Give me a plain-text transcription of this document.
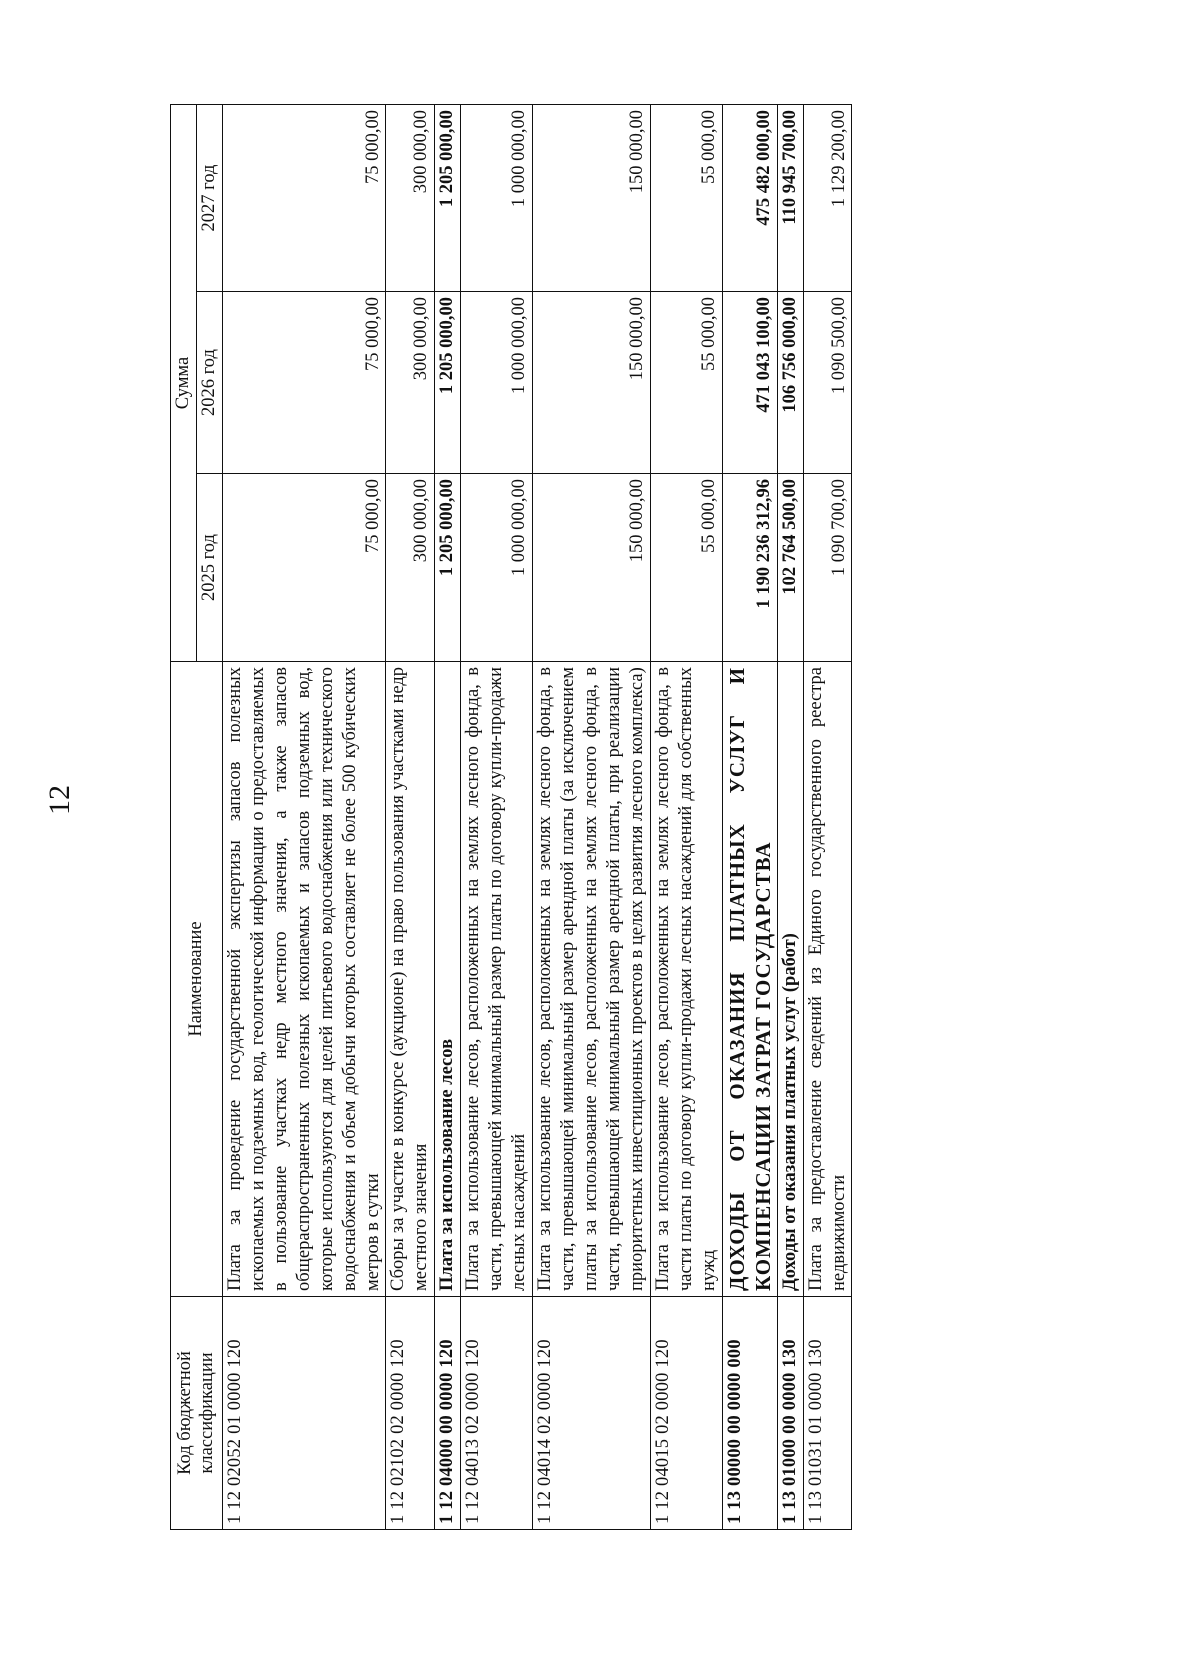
12
Код бюджетной классификации	Наименование	Сумма		
		2025 год	2026 год	2027 год
1 12 02052 01 0000 120	Плата за проведение государственной экспертизы запасов полезных ископаемых и подземных вод, геологической информации о предоставляемых в пользование участках недр местного значения, а также запасов общераспространенных полезных ископаемых и запасов подземных вод, которые используются для целей питьевого водоснабжения или технического водоснабжения и объем добычи которых составляет не более 500 кубических метров в сутки	75 000,00	75 000,00	75 000,00
1 12 02102 02 0000 120	Сборы за участие в конкурсе (аукционе) на право пользования участками недр местного значения	300 000,00	300 000,00	300 000,00
1 12 04000 00 0000 120	Плата за использование лесов	1 205 000,00	1 205 000,00	1 205 000,00
1 12 04013 02 0000 120	Плата за использование лесов, расположенных на землях лесного фонда, в части, превышающей минимальный размер платы по договору купли-продажи лесных насаждений	1 000 000,00	1 000 000,00	1 000 000,00
1 12 04014 02 0000 120	Плата за использование лесов, расположенных на землях лесного фонда, в части, превышающей минимальный размер арендной платы (за исключением платы за использование лесов, расположенных на землях лесного фонда, в части, превышающей минимальный размер арендной платы, при реализации приоритетных инвестиционных проектов в целях развития лесного комплекса)	150 000,00	150 000,00	150 000,00
1 12 04015 02 0000 120	Плата за использование лесов, расположенных на землях лесного фонда, в части платы по договору купли-продажи лесных насаждений для собственных нужд	55 000,00	55 000,00	55 000,00
1 13 00000 00 0000 000	ДОХОДЫ ОТ ОКАЗАНИЯ ПЛАТНЫХ УСЛУГ И КОМПЕНСАЦИИ ЗАТРАТ ГОСУДАРСТВА	1 190 236 312,96	471 043 100,00	475 482 000,00
1 13 01000 00 0000 130	Доходы от оказания платных услуг (работ)	102 764 500,00	106 756 000,00	110 945 700,00
1 13 01031 01 0000 130	Плата за предоставление сведений из Единого государственного реестра недвижимости	1 090 700,00	1 090 500,00	1 129 200,00
